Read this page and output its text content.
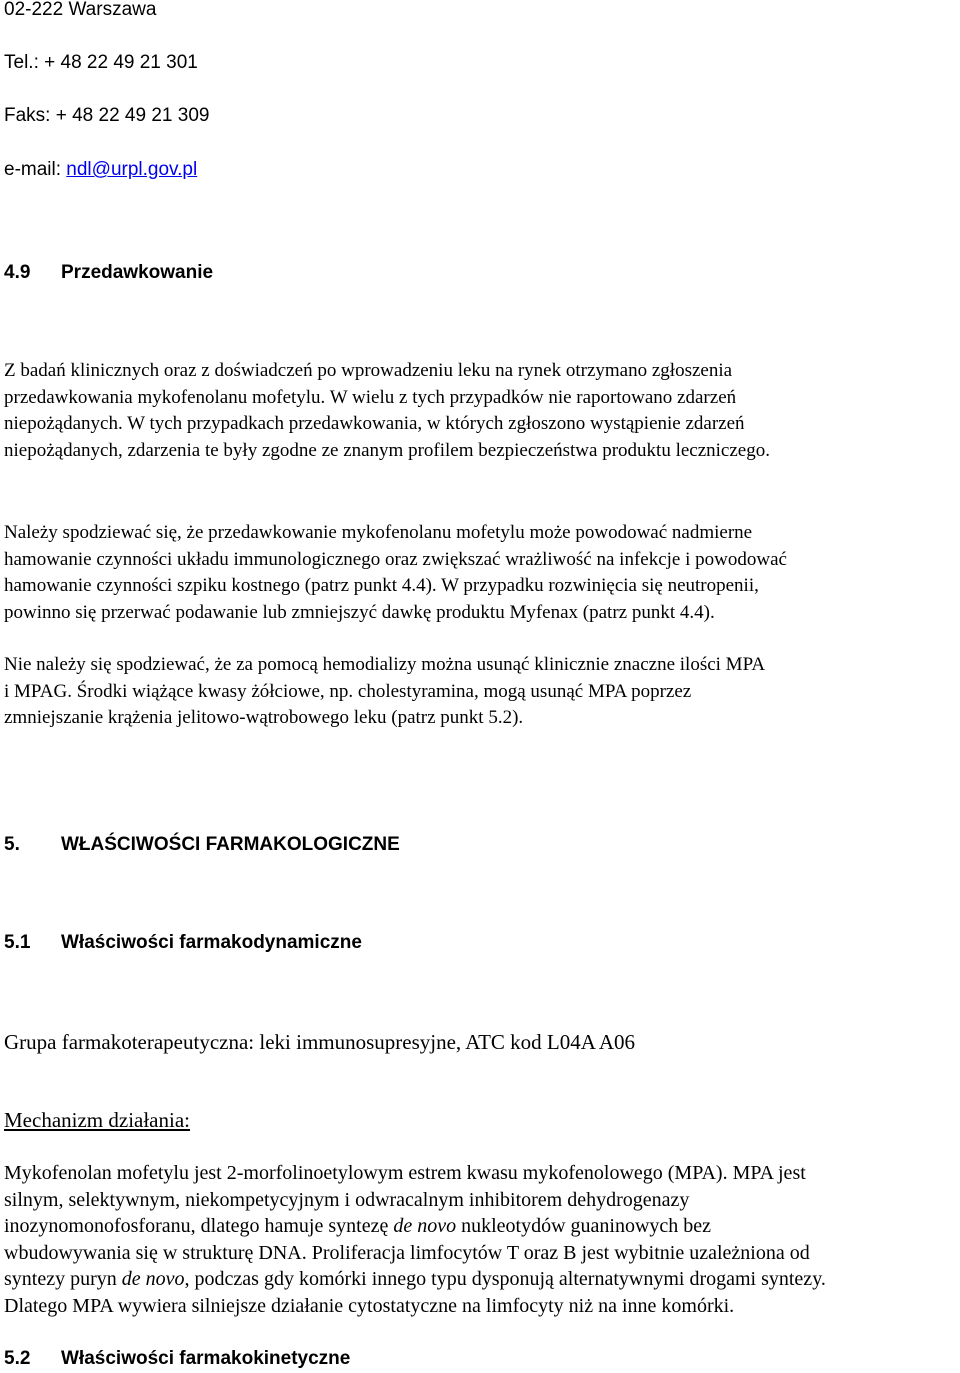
02-222 Warszawa
Tel.: + 48 22 49 21 301
Faks: + 48 22 49 21 309
e-mail: ndl@urpl.gov.pl
4.9 Przedawkowanie
Z badań klinicznych oraz z doświadczeń po wprowadzeniu leku na rynek otrzymano zgłoszenia
przedawkowania mykofenolanu mofetylu. W wielu z tych przypadków nie raportowano zdarzeń
niepożądanych. W tych przypadkach przedawkowania, w których zgłoszono wystąpienie zdarzeń
niepożądanych, zdarzenia te były zgodne ze znanym profilem bezpieczeństwa produktu leczniczego.
Należy spodziewać się, że przedawkowanie mykofenolanu mofetylu może powodować nadmierne
hamowanie czynności układu immunologicznego oraz zwiększać wrażliwość na infekcje i powodować
hamowanie czynności szpiku kostnego (patrz punkt 4.4). W przypadku rozwinięcia się neutropenii,
powinno się przerwać podawanie lub zmniejszyć dawkę produktu Myfenax (patrz punkt 4.4).
Nie należy się spodziewać, że za pomocą hemodializy można usunąć klinicznie znaczne ilości MPA
i MPAG. Środki wiążące kwasy żółciowe, np. cholestyramina, mogą usunąć MPA poprzez
zmniejszanie krążenia jelitowo-wątrobowego leku (patrz punkt 5.2).
5. WŁAŚCIWOŚCI FARMAKOLOGICZNE
5.1 Właściwości farmakodynamiczne
Grupa farmakoterapeutyczna: leki immunosupresyjne, ATC kod L04A A06
Mechanizm działania:
Mykofenolan mofetylu jest 2-morfolinoetylowym estrem kwasu mykofenolowego (MPA). MPA jest
silnym, selektywnym, niekompetycyjnym i odwracalnym inhibitorem dehydrogenazy
inozynomonofosforanu, dlatego hamuje syntezę de novo nukleotydów guaninowych bez
wbudowywania się w strukturę DNA. Proliferacja limfocytów T oraz B jest wybitnie uzależniona od
syntezy puryn de novo, podczas gdy komórki innego typu dysponują alternatywnymi drogami syntezy.
Dlatego MPA wywiera silniejsze działanie cytostatyczne na limfocyty niż na inne komórki.
5.2 Właściwości farmakokinetyczne
